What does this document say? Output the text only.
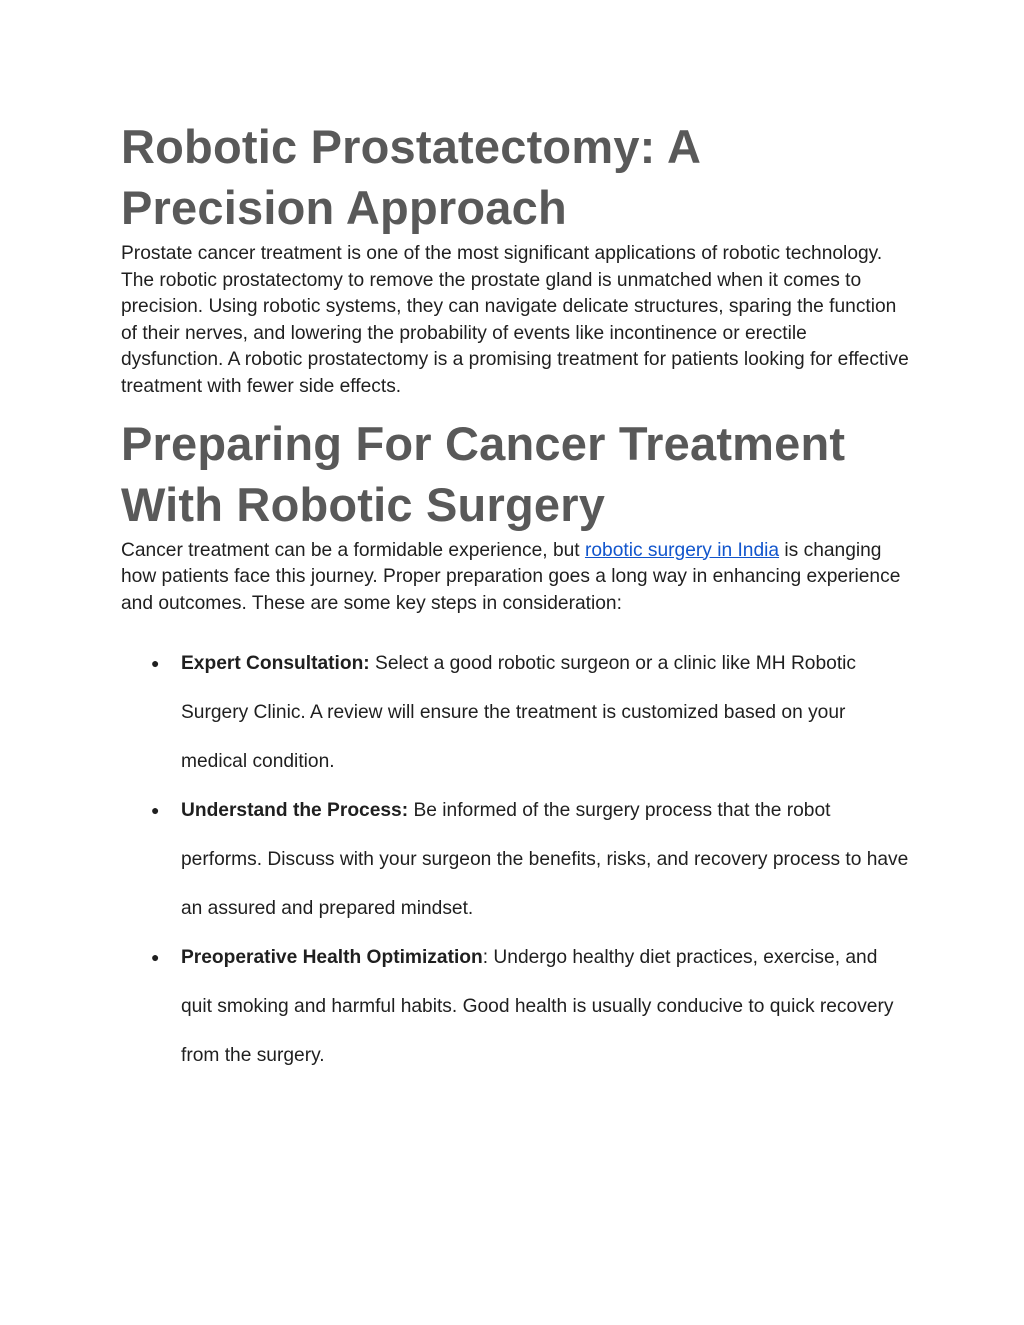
Robotic Prostatectomy: A Precision Approach

Prostate cancer treatment is one of the most significant applications of robotic technology. The robotic prostatectomy to remove the prostate gland is unmatched when it comes to precision. Using robotic systems, they can navigate delicate structures, sparing the function of their nerves, and lowering the probability of events like incontinence or erectile dysfunction. A robotic prostatectomy is a promising treatment for patients looking for effective treatment with fewer side effects.

Preparing For Cancer Treatment With Robotic Surgery

Cancer treatment can be a formidable experience, but robotic surgery in India is changing how patients face this journey. Proper preparation goes a long way in enhancing experience and outcomes. These are some key steps in consideration:

● Expert Consultation: Select a good robotic surgeon or a clinic like MH Robotic Surgery Clinic. A review will ensure the treatment is customized based on your medical condition.
● Understand the Process: Be informed of the surgery process that the robot performs. Discuss with your surgeon the benefits, risks, and recovery process to have an assured and prepared mindset.
● Preoperative Health Optimization: Undergo healthy diet practices, exercise, and quit smoking and harmful habits. Good health is usually conducive to quick recovery from the surgery.
